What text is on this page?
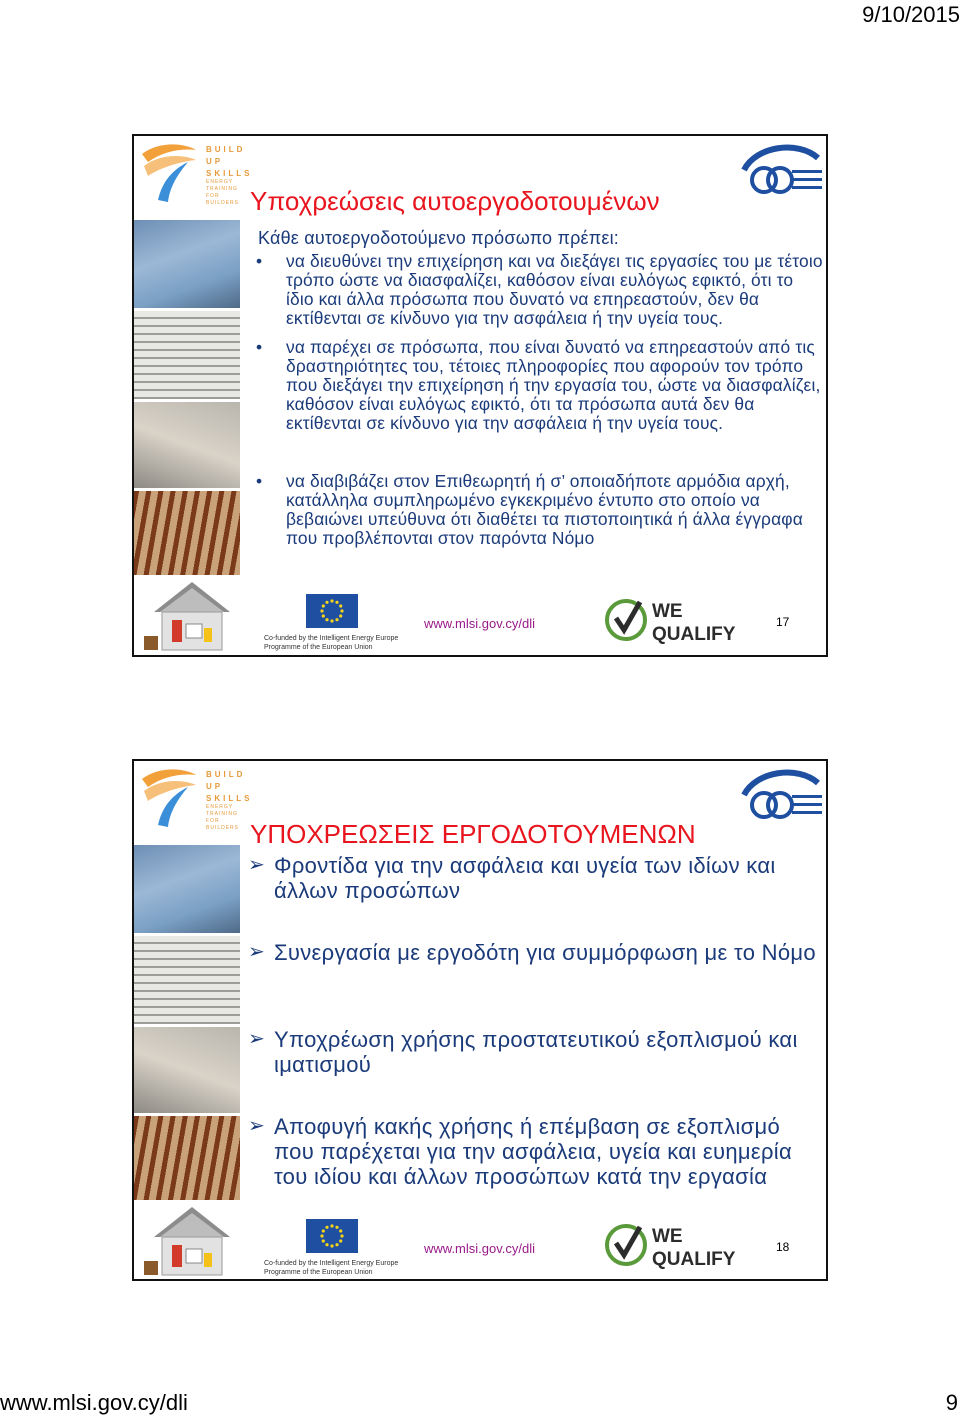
9/10/2015
BUILD UP
SKILLS
ENERGY TRAINING
FOR BUILDERS Υποχρεώσεις αυτοεργοδοτουμένων
Κάθε αυτοεργοδοτούμενο πρόσωπο πρέπει:
• να διευθύνει την επιχείρηση και να διεξάγει τις εργασίες του με τέτοιο τρόπο ώστε να διασφαλίζει, καθόσον είναι ευλόγως εφικτό, ότι το ίδιο και άλλα πρόσωπα που δυνατό να επηρεαστούν, δεν θα εκτίθενται σε κίνδυνο για την ασφάλεια ή την υγεία τους.
• να παρέχει σε πρόσωπα, που είναι δυνατό να επηρεαστούν από τις δραστηριότητες του, τέτοιες πληροφορίες που αφορούν τον τρόπο που διεξάγει την επιχείρηση ή την εργασία του, ώστε να διασφαλίζει, καθόσον είναι ευλόγως εφικτό, ότι τα πρόσωπα αυτά δεν θα εκτίθενται σε κίνδυνο για την ασφάλεια ή την υγεία τους.
• να διαβιβάζει στον Επιθεωρητή ή σ’ οποιαδήποτε αρμόδια αρχή, κατάλληλα συμπληρωμένο εγκεκριμένο έντυπο στο οποίο να βεβαιώνει υπεύθυνα ότι διαθέτει τα πιστοποιητικά ή άλλα έγγραφα που προβλέπονται στον παρόντα Νόμο
Co-funded by the Intelligent Energy Europe
Programme of the European Union
www.mlsi.gov.cy/dli
WE
QUALIFY
17
BUILD UP
SKILLS
ENERGY TRAINING
FOR BUILDERS ΥΠΟΧΡΕΩΣΕΙΣ ΕΡΓΟΔΟΤΟΥΜΕΝΩΝ
➢ Φροντίδα για την ασφάλεια και υγεία των ιδίων και άλλων προσώπων
➢ Συνεργασία με εργοδότη για συμμόρφωση με το Νόμο
➢ Υποχρέωση χρήσης προστατευτικού εξοπλισμού και ιματισμού
➢ Αποφυγή κακής χρήσης ή επέμβαση σε εξοπλισμό που παρέχεται για την ασφάλεια, υγεία και ευημερία του ιδίου και άλλων προσώπων κατά την εργασία
Co-funded by the Intelligent Energy Europe
Programme of the European Union
www.mlsi.gov.cy/dli
WE
QUALIFY
18
www.mlsi.gov.cy/dli	9
